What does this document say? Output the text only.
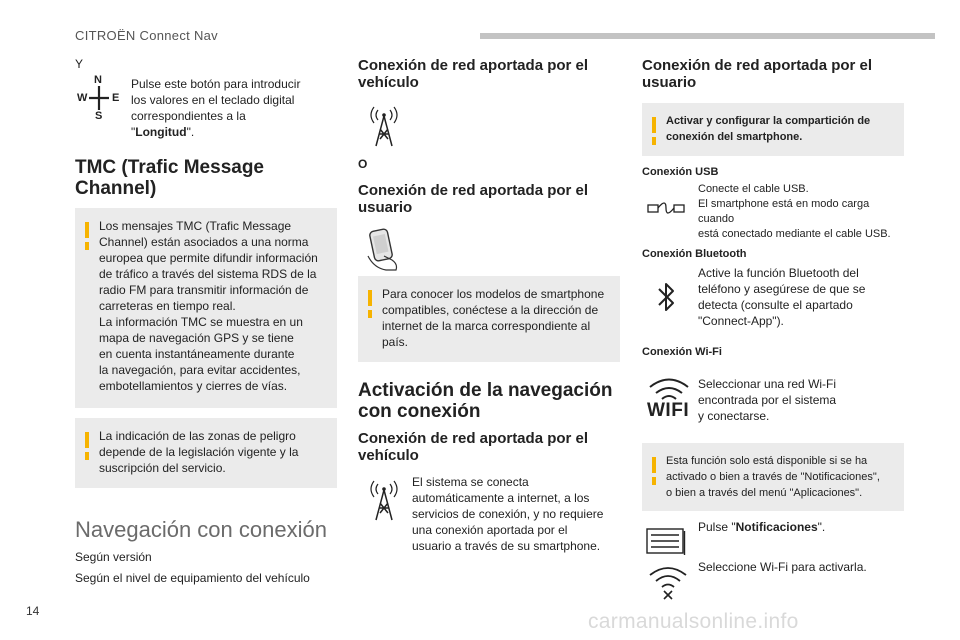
CITROËN Connect Nav
Y
N
W E
S
Pulse este botón para introducir los valores en el teclado digital correspondientes a la "Longitud".
TMC (Trafic Message Channel)
Los mensajes TMC (Trafic Message
Channel) están asociados a una norma
europea que permite difundir información
de tráfico a través del sistema RDS de la
radio FM para transmitir información de
carreteras en tiempo real.
La información TMC se muestra en un
mapa de navegación GPS y se tiene
en cuenta instantáneamente durante
la navegación, para evitar accidentes,
embotellamientos y cierres de vías.
La indicación de las zonas de peligro
depende de la legislación vigente y la
suscripción del servicio.
Navegación con conexión
Según versión
Según el nivel de equipamiento del vehículo
Conexión de red aportada por el vehículo
O
Conexión de red aportada por el usuario
Para conocer los modelos de smartphone
compatibles, conéctese a la dirección de
internet de la marca correspondiente al
país.
Activación de la navegación con conexión
Conexión de red aportada por el vehículo
El sistema se conecta
automáticamente a internet, a los
servicios de conexión, y no requiere
una conexión aportada por el
usuario a través de su smartphone.
Conexión de red aportada por el usuario
Activar y configurar la compartición de
conexión del smartphone.
Conexión USB
Conecte el cable USB.
El smartphone está en modo carga cuando
está conectado mediante el cable USB.
Conexión Bluetooth
Active la función Bluetooth del
teléfono y asegúrese de que se
detecta (consulte el apartado
"Connect-App").
Conexión Wi-Fi
WIFI
Seleccionar una red Wi-Fi
encontrada por el sistema
y conectarse.
Esta función solo está disponible si se ha
activado o bien a través de "Notificaciones",
o bien a través del menú "Aplicaciones".
Pulse "Notificaciones".
Seleccione Wi-Fi para activarla.
14	carmanualsonline.info
